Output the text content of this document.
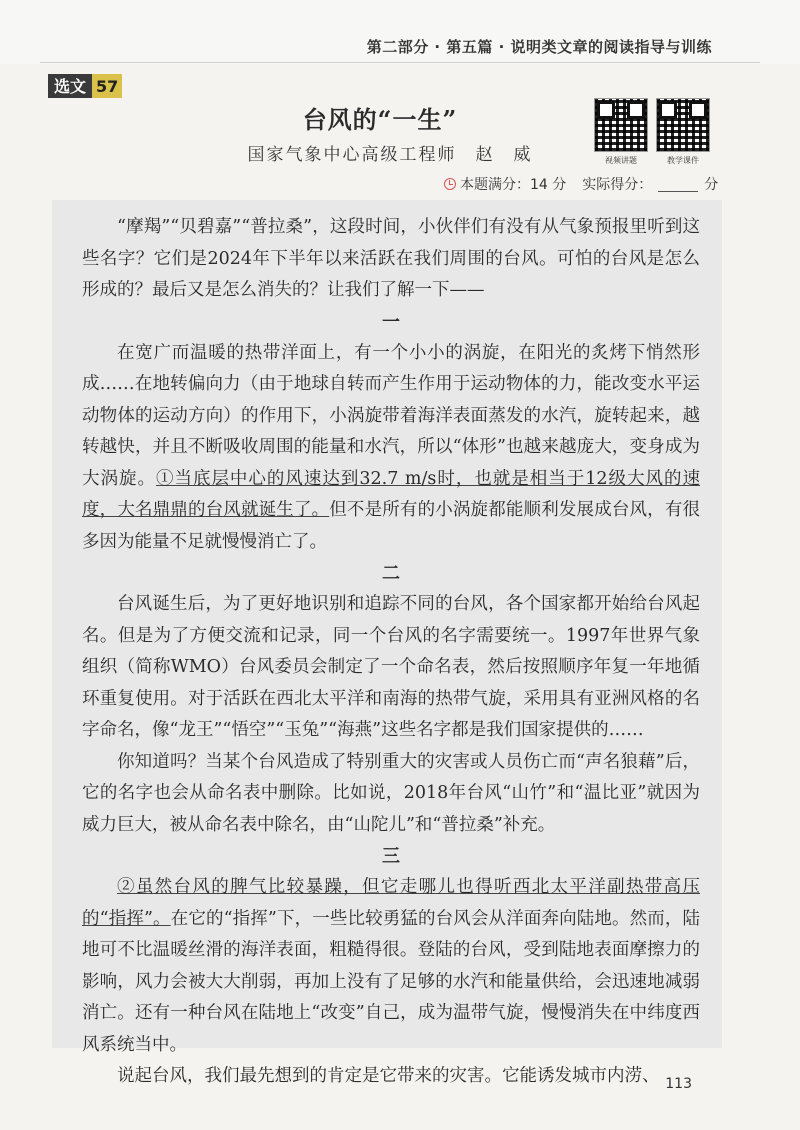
第二部分 · 第五篇 · 说明类文章的阅读指导与训练
选文 57
台风的“一生”
国家气象中心高级工程师　赵　威	视频讲题	教学课件
本题满分：14 分 实际得分：	分

“摩羯”“贝碧嘉”“普拉桑”，这段时间，小伙伴们有没有从气象预报里听到这些名字？它们是2024年下半年以来活跃在我们周围的台风。可怕的台风是怎么形成的？最后又是怎么消失的？让我们了解一下——

一

在宽广而温暖的热带洋面上，有一个小小的涡旋，在阳光的炙烤下悄然形成……在地转偏向力（由于地球自转而产生作用于运动物体的力，能改变水平运动物体的运动方向）的作用下，小涡旋带着海洋表面蒸发的水汽，旋转起来，越转越快，并且不断吸收周围的能量和水汽，所以“体形”也越来越庞大，变身成为大涡旋。①当底层中心的风速达到32.7 m/s时，也就是相当于12级大风的速度，大名鼎鼎的台风就诞生了。但不是所有的小涡旋都能顺利发展成台风，有很多因为能量不足就慢慢消亡了。

二

台风诞生后，为了更好地识别和追踪不同的台风，各个国家都开始给台风起名。但是为了方便交流和记录，同一个台风的名字需要统一。1997年世界气象组织（简称WMO）台风委员会制定了一个命名表，然后按照顺序年复一年地循环重复使用。对于活跃在西北太平洋和南海的热带气旋，采用具有亚洲风格的名字命名，像“龙王”“悟空”“玉兔”“海燕”这些名字都是我们国家提供的……

你知道吗？当某个台风造成了特别重大的灾害或人员伤亡而“声名狼藉”后，它的名字也会从命名表中删除。比如说，2018年台风“山竹”和“温比亚”就因为威力巨大，被从命名表中除名，由“山陀儿”和“普拉桑”补充。

三

②虽然台风的脾气比较暴躁，但它走哪儿也得听西北太平洋副热带高压的“指挥”。在它的“指挥”下，一些比较勇猛的台风会从洋面奔向陆地。然而，陆地可不比温暖丝滑的海洋表面，粗糙得很。登陆的台风，受到陆地表面摩擦力的影响，风力会被大大削弱，再加上没有了足够的水汽和能量供给，会迅速地减弱消亡。还有一种台风在陆地上“改变”自己，成为温带气旋，慢慢消失在中纬度西风系统当中。

说起台风，我们最先想到的肯定是它带来的灾害。它能诱发城市内涝、 113
